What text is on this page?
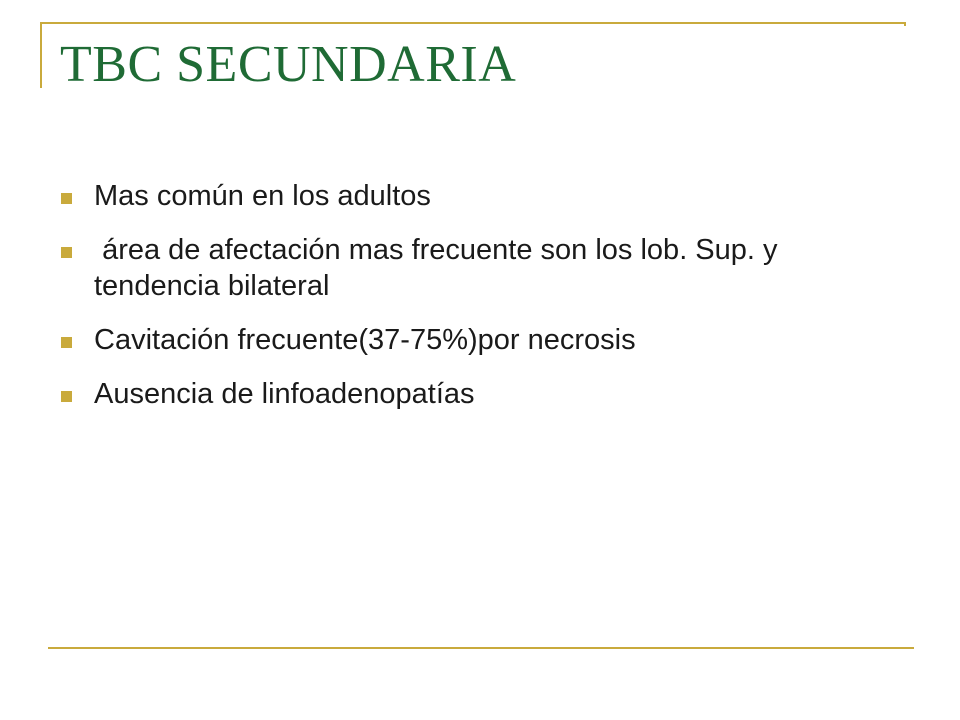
TBC SECUNDARIA
Mas común en los adultos
área de afectación mas frecuente son los lob. Sup. y tendencia bilateral
Cavitación frecuente(37-75%)por necrosis
Ausencia de linfoadenopatías
